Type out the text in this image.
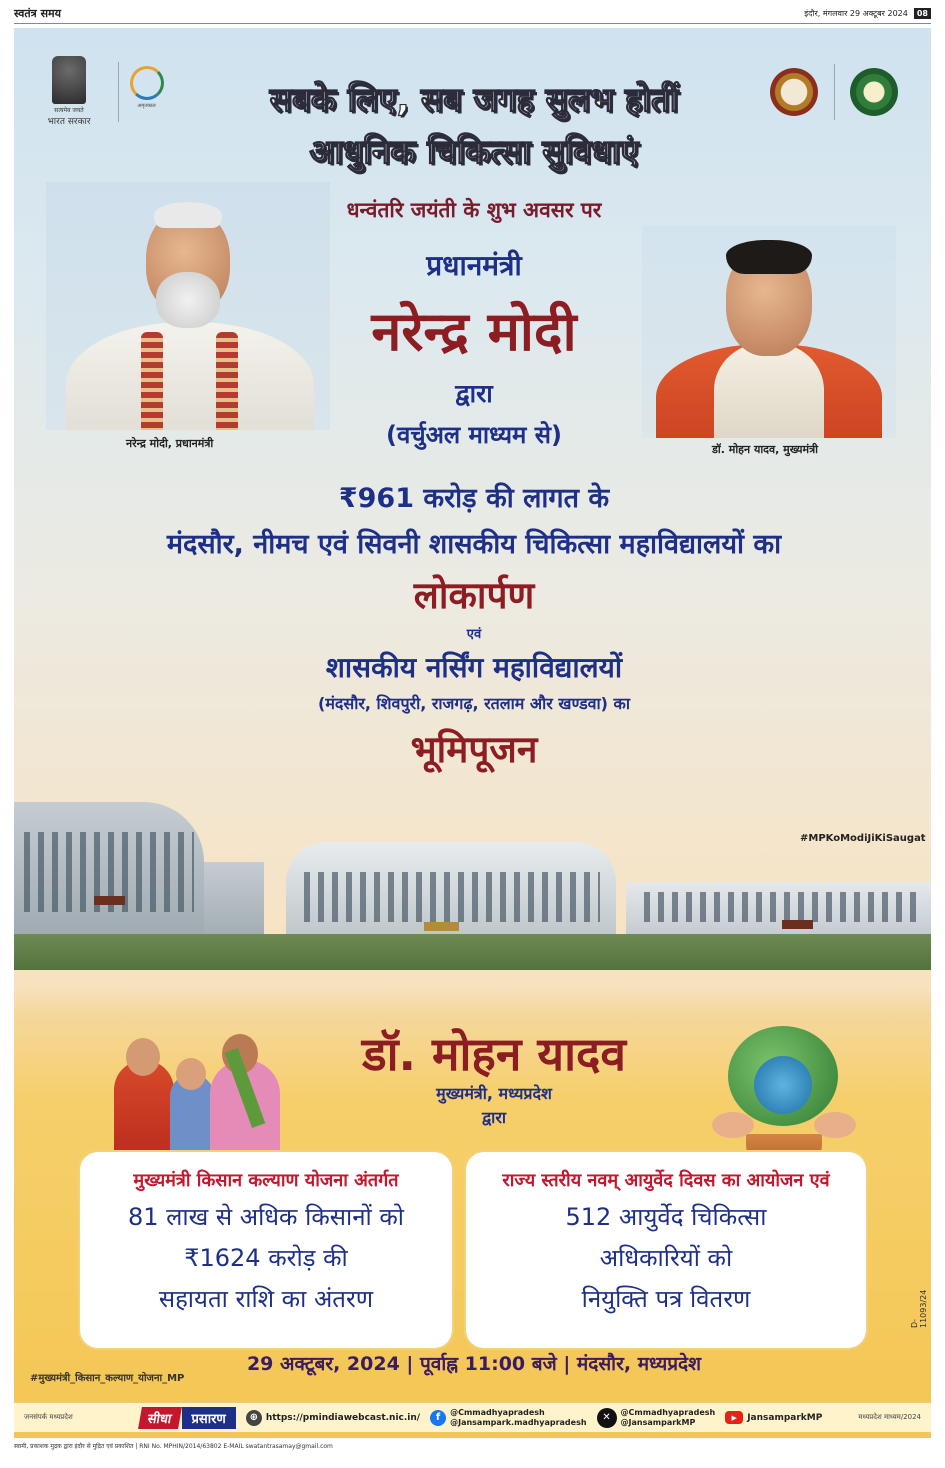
स्वतंत्र समय	इंदौर, मंगलवार 29 अक्टूबर 2024	08
सत्यमेव जयते
भारत सरकार
अमृतकाल	सबके लिए, सब जगह सुलभ होतीं
आधुनिक चिकित्सा सुविधाएं
नरेन्द्र मोदी, प्रधानमंत्री	डॉ. मोहन यादव, मुख्यमंत्री
धन्वंतरि जयंती के शुभ अवसर पर
प्रधानमंत्री
नरेन्द्र मोदी
द्वारा
(वर्चुअल माध्यम से)
₹961 करोड़ की लागत के
मंदसौर, नीमच एवं सिवनी शासकीय चिकित्सा महाविद्यालयों का
लोकार्पण
एवं
शासकीय नर्सिंग महाविद्यालयों
(मंदसौर, शिवपुरी, राजगढ़, रतलाम और खण्डवा) का
भूमिपूजन

#MPKoModiJiKiSaugat
डॉ. मोहन यादव
मुख्यमंत्री, मध्यप्रदेश
द्वारा
मुख्यमंत्री किसान कल्याण योजना अंतर्गत
81 लाख से अधिक किसानों को
₹1624 करोड़ की
सहायता राशि का अंतरण
राज्य स्तरीय नवम् आयुर्वेद दिवस का आयोजन एवं
512 आयुर्वेद चिकित्सा
अधिकारियों को
नियुक्ति पत्र वितरण
29 अक्टूबर, 2024 | पूर्वाह्न 11:00 बजे | मंदसौर, मध्यप्रदेश
#मुख्यमंत्री_किसान_कल्याण_योजना_MP
D-11093/24
जनसंपर्क मध्यप्रदेश	सीधा	प्रसारण	⊕ https://pmindiawebcast.nic.in/	f	@Cmmadhyapradesh
@Jansampark.madhyapradesh	✕	@Cmmadhyapradesh
@JansamparkMP	▶	JansamparkMP	मध्यप्रदेश माध्यम/2024
स्वामी, प्रकाशक मुद्रक द्वारा इंदौर से मुद्रित एवं प्रकाशित | RNI No. MPHIN/2014/63802 E-MAIL swatantrasamay@gmail.com
